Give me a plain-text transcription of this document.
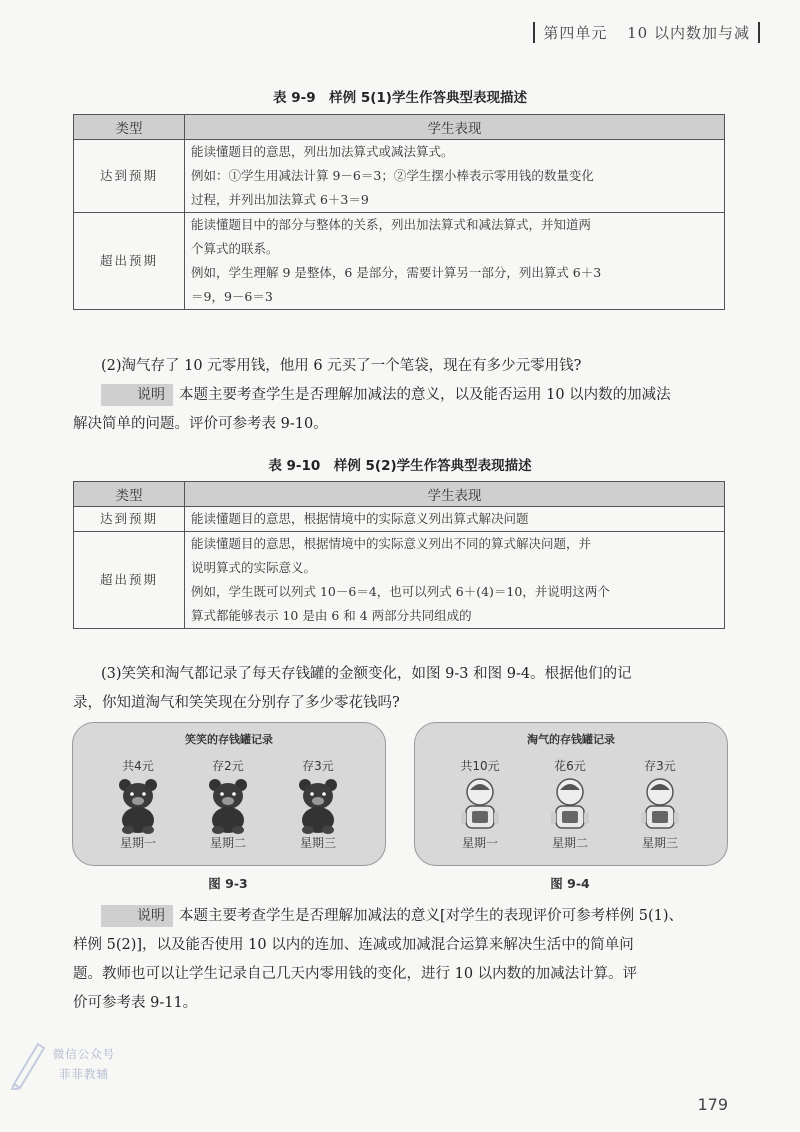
第四单元 10 以内数加与减
表 9-9　样例 5(1)学生作答典型表现描述
类型	学生表现
达到预期	能读懂题目的意思，列出加法算式或减法算式。
例如：①学生用减法计算 9－6＝3；②学生摆小棒表示零用钱的数量变化
过程，并列出加法算式 6＋3＝9

超出预期	能读懂题目中的部分与整体的关系，列出加法算式和减法算式，并知道两
个算式的联系。
例如，学生理解 9 是整体，6 是部分，需要计算另一部分，列出算式 6＋3
＝9，9－6＝3
(2)淘气存了 10 元零用钱，他用 6 元买了一个笔袋，现在有多少元零用钱?
说明 本题主要考查学生是否理解加减法的意义，以及能否运用 10 以内数的加减法
解决简单的问题。评价可参考表 9-10。
表 9-10　样例 5(2)学生作答典型表现描述
类型	学生表现
达到预期	能读懂题目的意思，根据情境中的实际意义列出算式解决问题

超出预期	能读懂题目的意思，根据情境中的实际意义列出不同的算式解决问题，并
说明算式的实际意义。
例如，学生既可以列式 10－6＝4，也可以列式 6＋(4)＝10，并说明这两个
算式都能够表示 10 是由 6 和 4 两部分共同组成的
(3)笑笑和淘气都记录了每天存钱罐的金额变化，如图 9-3 和图 9-4。根据他们的记
录，你知道淘气和笑笑现在分别存了多少零花钱吗?
笑笑的存钱罐记录
共4元
星期一
存2元
星期二
存3元
星期三
图 9-3
淘气的存钱罐记录
共10元
星期一
花6元
星期二
存3元
星期三
图 9-4
说明 本题主要考查学生是否理解加减法的意义[对学生的表现评价可参考样例 5(1)、
样例 5(2)]，以及能否使用 10 以内的连加、连减或加减混合运算来解决生活中的简单问
题。教师也可以让学生记录自己几天内零用钱的变化，进行 10 以内数的加减法计算。评
价可参考表 9-11。
微信公众号
菲菲教辅
179
